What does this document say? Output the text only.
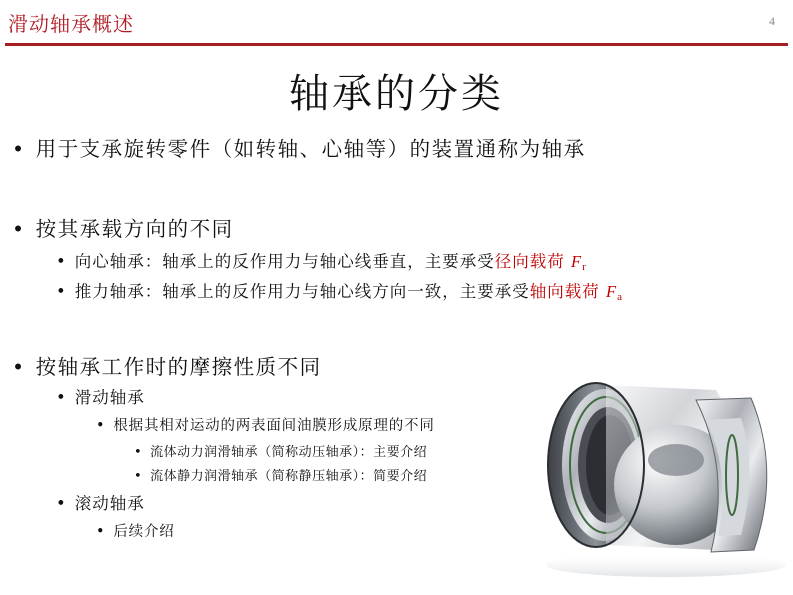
滑动轴承概述	4
轴承的分类
• 用于支承旋转零件（如转轴、心轴等）的装置通称为轴承
• 按其承载方向的不同
• 向心轴承：轴承上的反作用力与轴心线垂直，主要承受径向载荷 $F_r$
• 推力轴承：轴承上的反作用力与轴心线方向一致，主要承受轴向载荷 $F_a$
• 按轴承工作时的摩擦性质不同
• 滑动轴承
• 根据其相对运动的两表面间油膜形成原理的不同
• 流体动力润滑轴承（简称动压轴承）：主要介绍
• 流体静力润滑轴承（简称静压轴承）：简要介绍
• 滚动轴承
• 后续介绍
